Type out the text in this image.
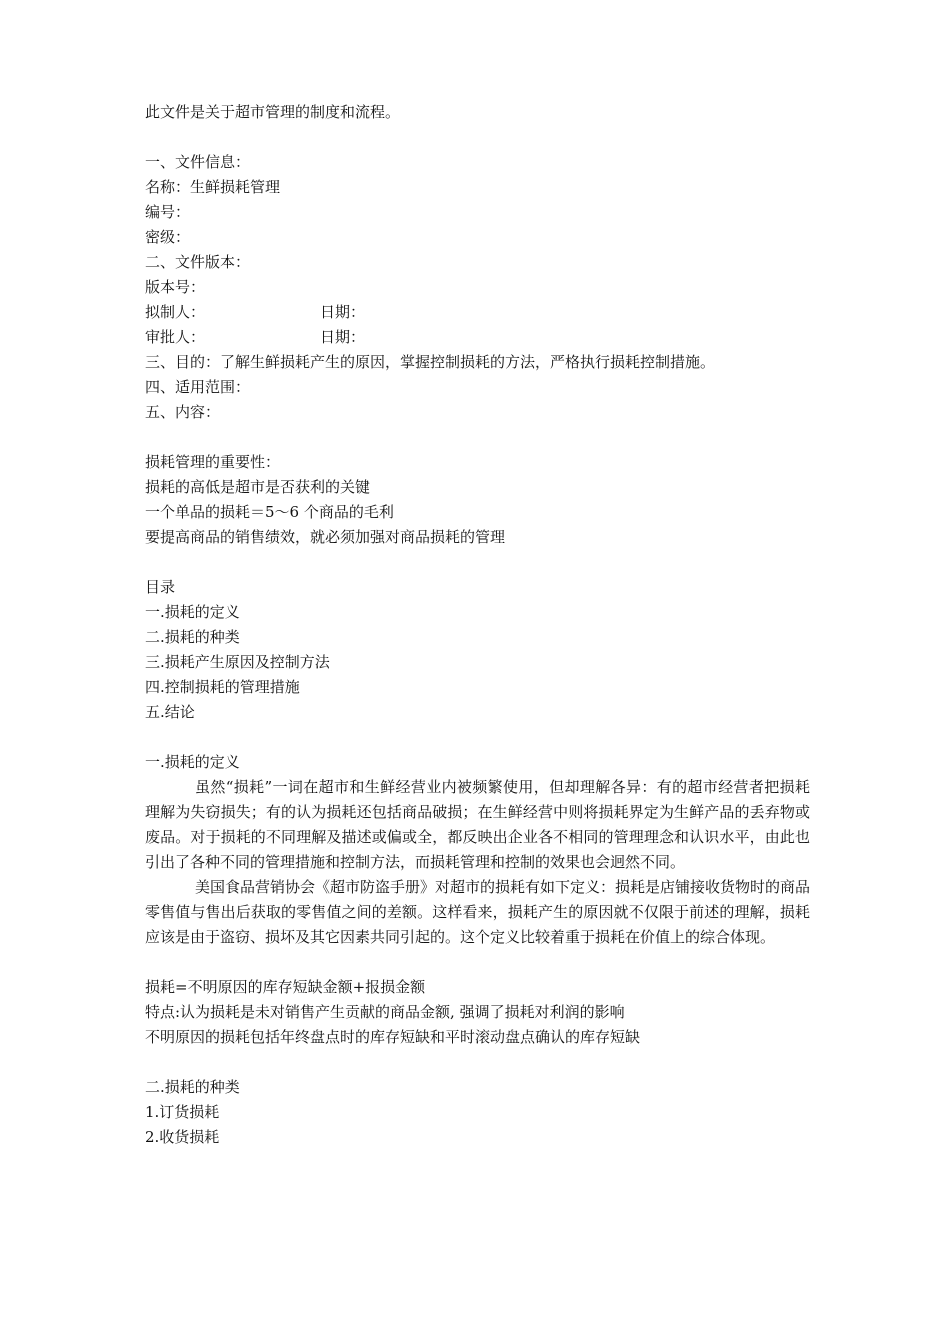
此文件是关于超市管理的制度和流程。
一、文件信息：
名称：生鲜损耗管理
编号：
密级：
二、文件版本：
版本号：
拟制人：	日期：
审批人：	日期：
三、目的：了解生鲜损耗产生的原因，掌握控制损耗的方法，严格执行损耗控制措施。
四、适用范围：
五、内容：
损耗管理的重要性：
损耗的高低是超市是否获利的关键
一个单品的损耗＝5～6 个商品的毛利
要提高商品的销售绩效，就必须加强对商品损耗的管理
目录
一.损耗的定义
二.损耗的种类
三.损耗产生原因及控制方法
四.控制损耗的管理措施
五.结论
一.损耗的定义
虽然“损耗”一词在超市和生鲜经营业内被频繁使用，但却理解各异：有的超市经营者把损耗理解为失窃损失；有的认为损耗还包括商品破损；在生鲜经营中则将损耗界定为生鲜产品的丢弃物或废品。对于损耗的不同理解及描述或偏或全，都反映出企业各不相同的管理理念和认识水平，由此也引出了各种不同的管理措施和控制方法，而损耗管理和控制的效果也会迥然不同。
美国食品营销协会《超市防盗手册》对超市的损耗有如下定义：损耗是店铺接收货物时的商品零售值与售出后获取的零售值之间的差额。这样看来，损耗产生的原因就不仅限于前述的理解，损耗应该是由于盗窃、损坏及其它因素共同引起的。这个定义比较着重于损耗在价值上的综合体现。
损耗=不明原因的库存短缺金额+报损金额
特点:认为损耗是未对销售产生贡献的商品金额, 强调了损耗对利润的影响
不明原因的损耗包括年终盘点时的库存短缺和平时滚动盘点确认的库存短缺
二.损耗的种类
1.订货损耗
2.收货损耗
